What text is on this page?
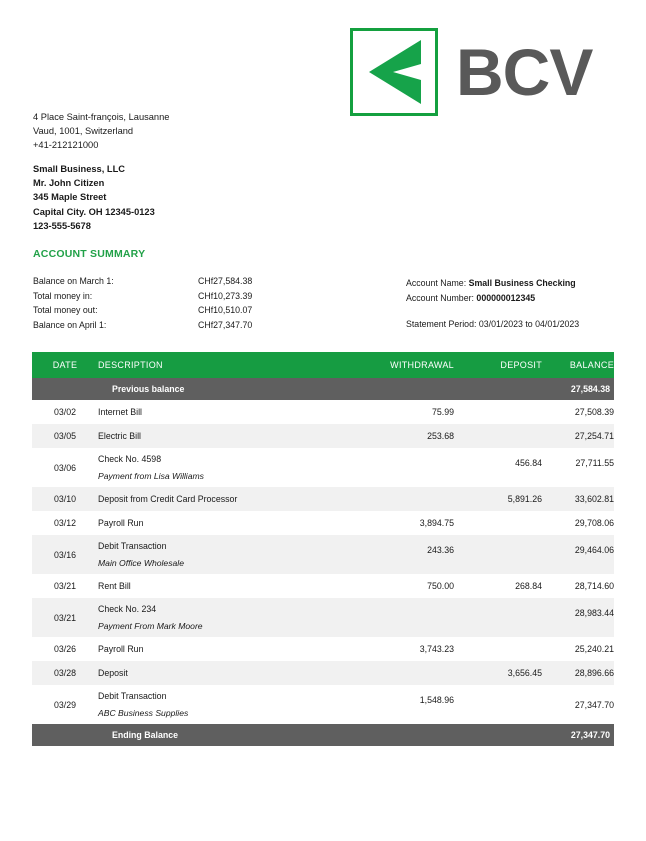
BCV
4 Place Saint-françois, Lausanne
Vaud, 1001, Switzerland
+41-212121000
Small Business, LLC
Mr. John Citizen
345 Maple Street
Capital City. OH 12345-0123
123-555-5678
ACCOUNT SUMMARY
Balance on March 1:	CHf27,584.38
Total money in:	CHf10,273.39
Total money out:	CHf10,510.07
Balance on April 1:	CHf27,347.70
Account Name: Small Business Checking
Account Number: 000000012345
Statement Period: 03/01/2023 to 04/01/2023
DATE	DESCRIPTION	WITHDRAWAL	DEPOSIT	BALANCE
	Previous balance			27,584.38
03/02	Internet Bill	75.99		27,508.39
03/05	Electric Bill	253.68		27,254.71
03/06	Check No. 4598
Payment from Lisa Williams		456.84	27,711.55
03/10	Deposit from Credit Card Processor		5,891.26	33,602.81
03/12	Payroll Run	3,894.75		29,708.06
03/16	Debit Transaction
Main Office Wholesale	243.36		29,464.06
03/21	Rent Bill	750.00	268.84	28,714.60
03/21	Check No. 234
Payment From Mark Moore			28,983.44
03/26	Payroll Run	3,743.23		25,240.21
03/28	Deposit		3,656.45	28,896.66
03/29	Debit Transaction
ABC Business Supplies	1,548.96		27,347.70
	Ending Balance			27,347.70
